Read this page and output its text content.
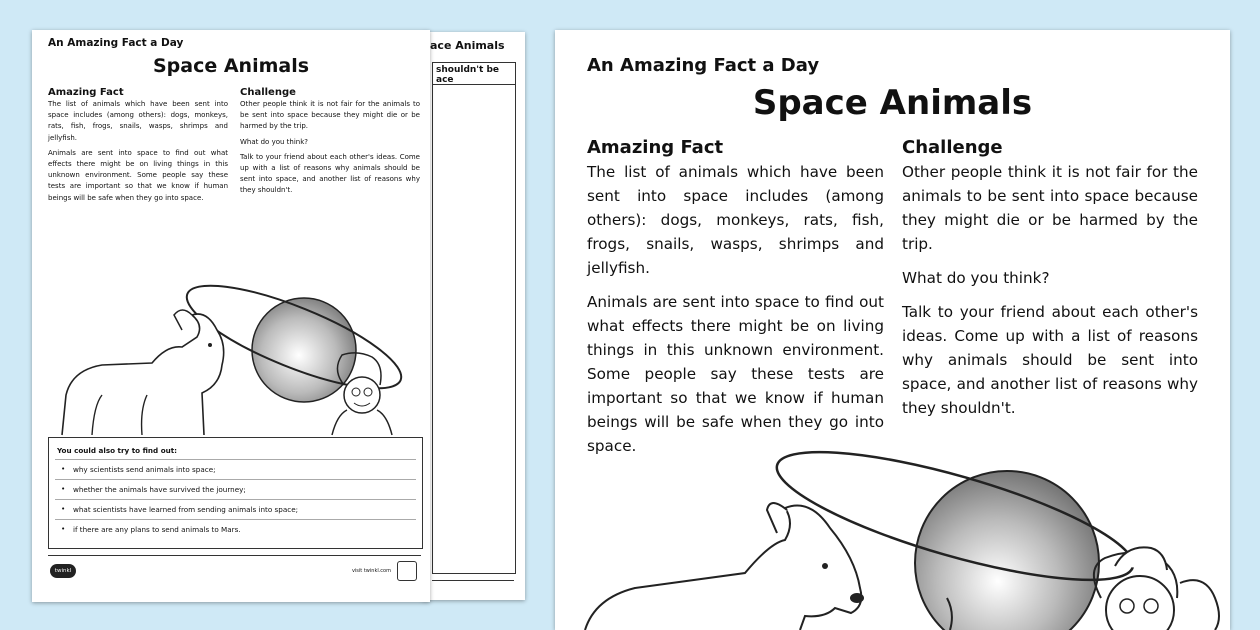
ace Animals
shouldn't be
ace
An Amazing Fact a Day
Space Animals
Amazing Fact

The list of animals which have been sent into space includes (among others): dogs, monkeys, rats, fish, frogs, snails, wasps, shrimps and jellyfish.

Animals are sent into space to find out what effects there might be on living things in this unknown environment. Some people say these tests are important so that we know if human beings will be safe when they go into space.

Challenge

Other people think it is not fair for the animals to be sent into space because they might die or be harmed by the trip.

What do you think?

Talk to your friend about each other's ideas. Come up with a list of reasons why animals should be sent into space, and another list of reasons why they shouldn't.

You could also try to find out:
• why scientists send animals into space;
• whether the animals have survived the journey;
• what scientists have learned from sending animals into space;
• if there are any plans to send animals to Mars.
twinkl	visit twinkl.com
An Amazing Fact a Day
Space Animals
Amazing Fact

The list of animals which have been sent into space includes (among others): dogs, monkeys, rats, fish, frogs, snails, wasps, shrimps and jellyfish.

Animals are sent into space to find out what effects there might be on living things in this unknown environment. Some people say these tests are important so that we know if human beings will be safe when they go into space.

Challenge

Other people think it is not fair for the animals to be sent into space because they might die or be harmed by the trip.

What do you think?

Talk to your friend about each other's ideas. Come up with a list of reasons why animals should be sent into space, and another list of reasons why they shouldn't.
